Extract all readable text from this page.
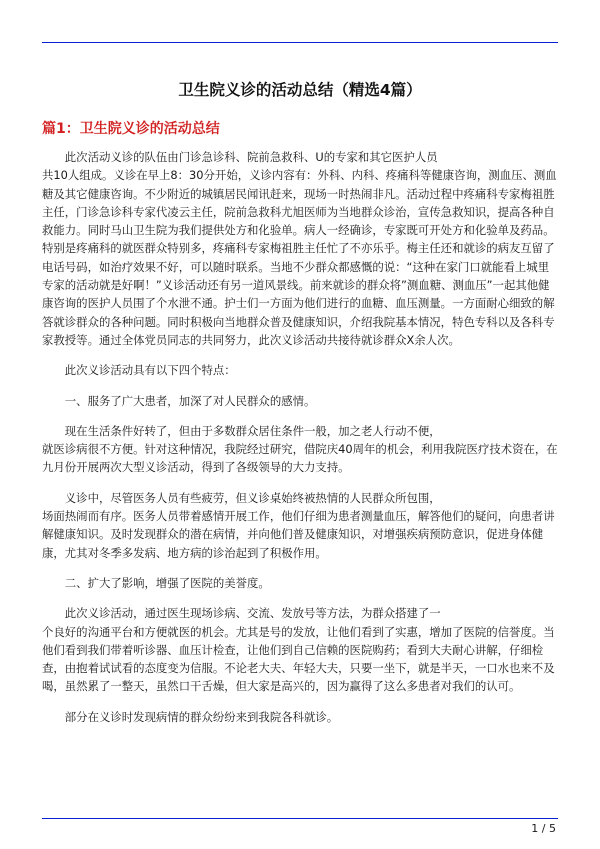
卫生院义诊的活动总结（精选4篇）
篇1：卫生院义诊的活动总结

　　此次活动义诊的队伍由门诊急诊科、院前急救科、U的专家和其它医护人员
共10人组成。义诊在早上8：30分开始，义诊内容有：外科、内科、疼痛科等健康咨询，测血压、测血糖及其它健康咨询。不少附近的城镇居民闻讯赶来，现场一时热闹非凡。活动过程中疼痛科专家梅祖胜主任，门诊急诊科专家代凌云主任，院前急救科尤旭医师为当地群众诊治，宣传急救知识，提高各种自救能力。同时马山卫生院为我们提供处方和化验单。病人一经确诊，专家既可开处方和化验单及药品。特别是疼痛科的就医群众特别多，疼痛科专家梅祖胜主任忙了不亦乐乎。梅主任还和就诊的病友互留了电话号码，如治疗效果不好，可以随时联系。当地不少群众都感慨的说：“这种在家门口就能看上城里专家的活动就是好啊！”义诊活动还有另一道风景线。前来就诊的群众将”测血糖、测血压”一起其他健康咨询的医护人员围了个水泄不通。护士们一方面为他们进行的血糖、血压测量。一方面耐心细致的解答就诊群众的各种问题。同时积极向当地群众普及健康知识，介绍我院基本情况，特色专科以及各科专家教授等。通过全体党员同志的共同努力，此次义诊活动共接待就诊群众X余人次。

　　此次义诊活动具有以下四个特点：

　　一、服务了广大患者，加深了对人民群众的感情。

　　现在生活条件好转了，但由于多数群众居住条件一般，加之老人行动不便，
就医诊病很不方便。针对这种情况，我院经过研究，借院庆40周年的机会，利用我院医疗技术资在，在九月份开展两次大型义诊活动，得到了各级领导的大力支持。

　　义诊中，尽管医务人员有些疲劳，但义诊桌始终被热情的人民群众所包围，
场面热闹而有序。医务人员带着感情开展工作，他们仔细为患者测量血压，解答他们的疑问，向患者讲解健康知识。及时发现群众的潜在病情，并向他们普及健康知识，对增强疾病预防意识，促进身体健康，尤其对冬季多发病、地方病的诊治起到了积极作用。

　　二、扩大了影响，增强了医院的美誉度。

　　此次义诊活动，通过医生现场诊病、交流、发放号等方法，为群众搭建了一
个良好的沟通平台和方便就医的机会。尤其是号的发放，让他们看到了实惠，增加了医院的信誉度。当他们看到我们带着听诊器、血压计检查，让他们到自己信赖的医院购药；看到大夫耐心讲解，仔细检查，由抱着试试看的态度变为信服。不论老大夫、年轻大夫，只要一坐下，就是半天，一口水也来不及喝，虽然累了一整天，虽然口干舌燥，但大家是高兴的，因为赢得了这么多患者对我们的认可。

　　部分在义诊时发现病情的群众纷纷来到我院各科就诊。

1 / 5
